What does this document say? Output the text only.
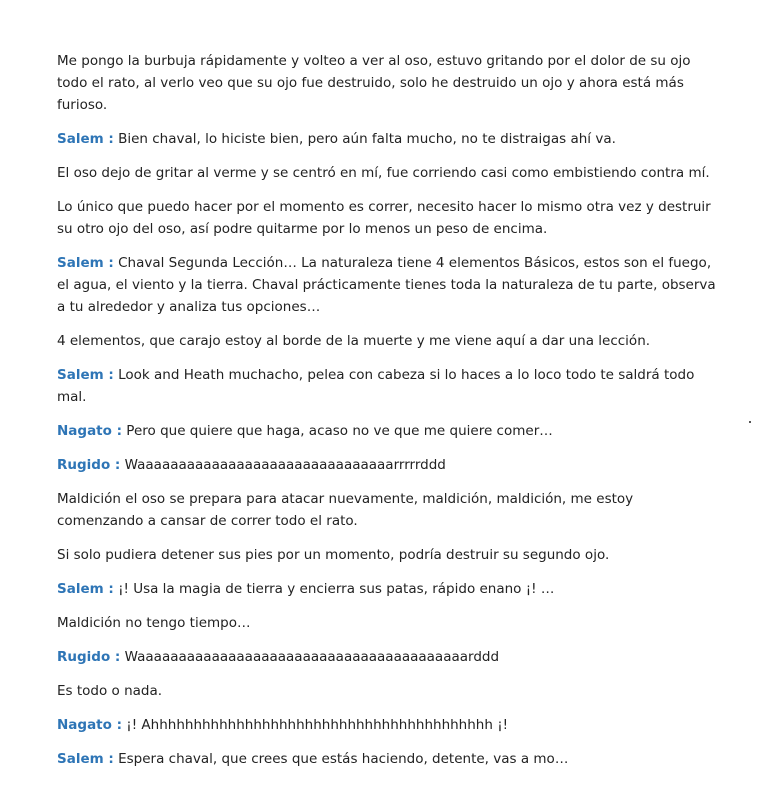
Me pongo la burbuja rápidamente y volteo a ver al oso, estuvo gritando por el dolor de su ojo todo el rato, al verlo veo que su ojo fue destruido, solo he destruido un ojo y ahora está más furioso.

Salem : Bien chaval, lo hiciste bien, pero aún falta mucho, no te distraigas ahí va.

El oso dejo de gritar al verme y se centró en mí, fue corriendo casi como embistiendo contra mí.

Lo único que puedo hacer por el momento es correr, necesito hacer lo mismo otra vez y destruir su otro ojo del oso, así podre quitarme por lo menos un peso de encima.

Salem : Chaval Segunda Lección… La naturaleza tiene 4 elementos Básicos, estos son el fuego, el agua, el viento y la tierra. Chaval prácticamente tienes toda la naturaleza de tu parte, observa a tu alrededor y analiza tus opciones…

4 elementos, que carajo estoy al borde de la muerte y me viene aquí a dar una lección.

Salem : Look and Heath muchacho, pelea con cabeza si lo haces a lo loco todo te saldrá todo mal.

Nagato : Pero que quiere que haga, acaso no ve que me quiere comer…

Rugido : Waaaaaaaaaaaaaaaaaaaaaaaaaaaaaaarrrrrddd

Maldición el oso se prepara para atacar nuevamente, maldición, maldición, me estoy comenzando a cansar de correr todo el rato.

Si solo pudiera detener sus pies por un momento, podría destruir su segundo ojo.

Salem : ¡! Usa la magia de tierra y encierra sus patas, rápido enano ¡! …

Maldición no tengo tiempo…

Rugido : Waaaaaaaaaaaaaaaaaaaaaaaaaaaaaaaaaaaaaaaarddd

Es todo o nada.

Nagato : ¡! Ahhhhhhhhhhhhhhhhhhhhhhhhhhhhhhhhhhhhhhhh ¡!

Salem : Espera chaval, que crees que estás haciendo, detente, vas a mo…
